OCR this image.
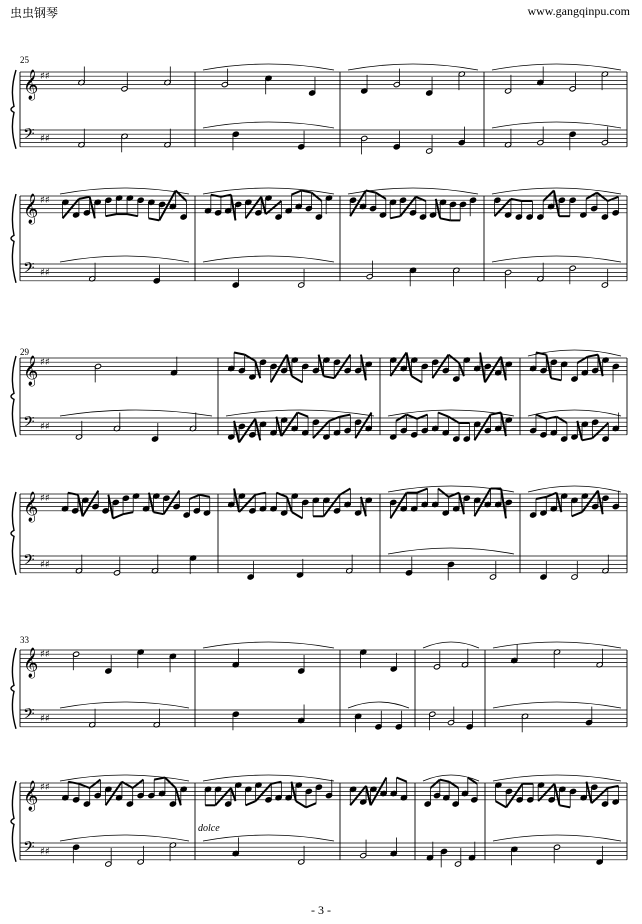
虫虫钢琴	www.gangqinpu.com
25
29
33
dolce
𝄞 ♯♯
𝄢 ♯♯
𝄞 ♯♯
𝄢 ♯♯
𝄞 ♯♯
𝄢 ♯♯
𝄞 ♯♯
𝄢 ♯♯
𝄞 ♯♯
𝄢 ♯♯
𝄞 ♯♯
𝄢 ♯♯
- 3 -
